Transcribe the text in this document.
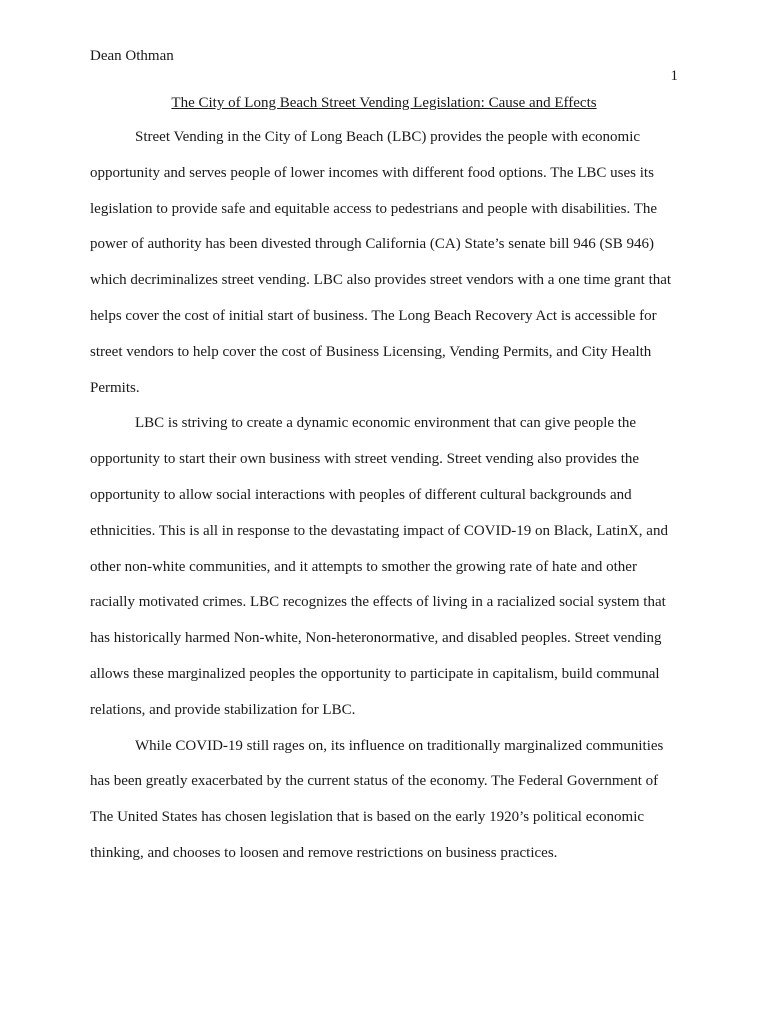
Dean Othman
1
The City of Long Beach Street Vending Legislation: Cause and Effects

Street Vending in the City of Long Beach (LBC) provides the people with economic opportunity and serves people of lower incomes with different food options. The LBC uses its legislation to provide safe and equitable access to pedestrians and people with disabilities. The power of authority has been divested through California (CA) State’s senate bill 946 (SB 946) which decriminalizes street vending. LBC also provides street vendors with a one time grant that helps cover the cost of initial start of business. The Long Beach Recovery Act is accessible for street vendors to help cover the cost of Business Licensing, Vending Permits, and City Health Permits.

LBC is striving to create a dynamic economic environment that can give people the opportunity to start their own business with street vending. Street vending also provides the opportunity to allow social interactions with peoples of different cultural backgrounds and ethnicities. This is all in response to the devastating impact of COVID-19 on Black, LatinX, and other non-white communities, and it attempts to smother the growing rate of hate and other racially motivated crimes. LBC recognizes the effects of living in a racialized social system that has historically harmed Non-white, Non-heteronormative, and disabled peoples. Street vending allows these marginalized peoples the opportunity to participate in capitalism, build communal relations, and provide stabilization for LBC.

While COVID-19 still rages on, its influence on traditionally marginalized communities has been greatly exacerbated by the current status of the economy. The Federal Government of The United States has chosen legislation that is based on the early 1920’s political economic thinking, and chooses to loosen and remove restrictions on business practices.
